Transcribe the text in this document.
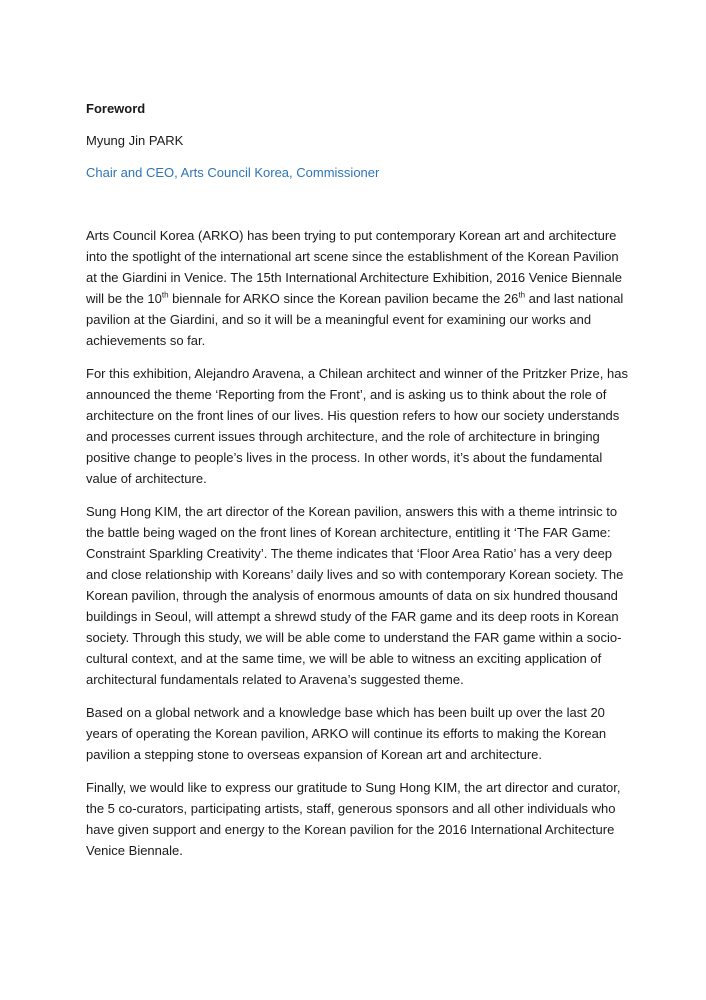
Foreword
Myung Jin PARK
Chair and CEO, Arts Council Korea, Commissioner

Arts Council Korea (ARKO) has been trying to put contemporary Korean art and architecture into the spotlight of the international art scene since the establishment of the Korean Pavilion at the Giardini in Venice. The 15th International Architecture Exhibition, 2016 Venice Biennale will be the 10th biennale for ARKO since the Korean pavilion became the 26th and last national pavilion at the Giardini, and so it will be a meaningful event for examining our works and achievements so far.

For this exhibition, Alejandro Aravena, a Chilean architect and winner of the Pritzker Prize, has announced the theme ‘Reporting from the Front’, and is asking us to think about the role of architecture on the front lines of our lives. His question refers to how our society understands and processes current issues through architecture, and the role of architecture in bringing positive change to people’s lives in the process. In other words, it’s about the fundamental value of architecture.

Sung Hong KIM, the art director of the Korean pavilion, answers this with a theme intrinsic to the battle being waged on the front lines of Korean architecture, entitling it ‘The FAR Game: Constraint Sparkling Creativity’. The theme indicates that ‘Floor Area Ratio’ has a very deep and close relationship with Koreans’ daily lives and so with contemporary Korean society. The Korean pavilion, through the analysis of enormous amounts of data on six hundred thousand buildings in Seoul, will attempt a shrewd study of the FAR game and its deep roots in Korean society. Through this study, we will be able come to understand the FAR game within a socio-cultural context, and at the same time, we will be able to witness an exciting application of architectural fundamentals related to Aravena’s suggested theme.

Based on a global network and a knowledge base which has been built up over the last 20 years of operating the Korean pavilion, ARKO will continue its efforts to making the Korean pavilion a stepping stone to overseas expansion of Korean art and architecture.

Finally, we would like to express our gratitude to Sung Hong KIM, the art director and curator, the 5 co-curators, participating artists, staff, generous sponsors and all other individuals who have given support and energy to the Korean pavilion for the 2016 International Architecture Venice Biennale.
